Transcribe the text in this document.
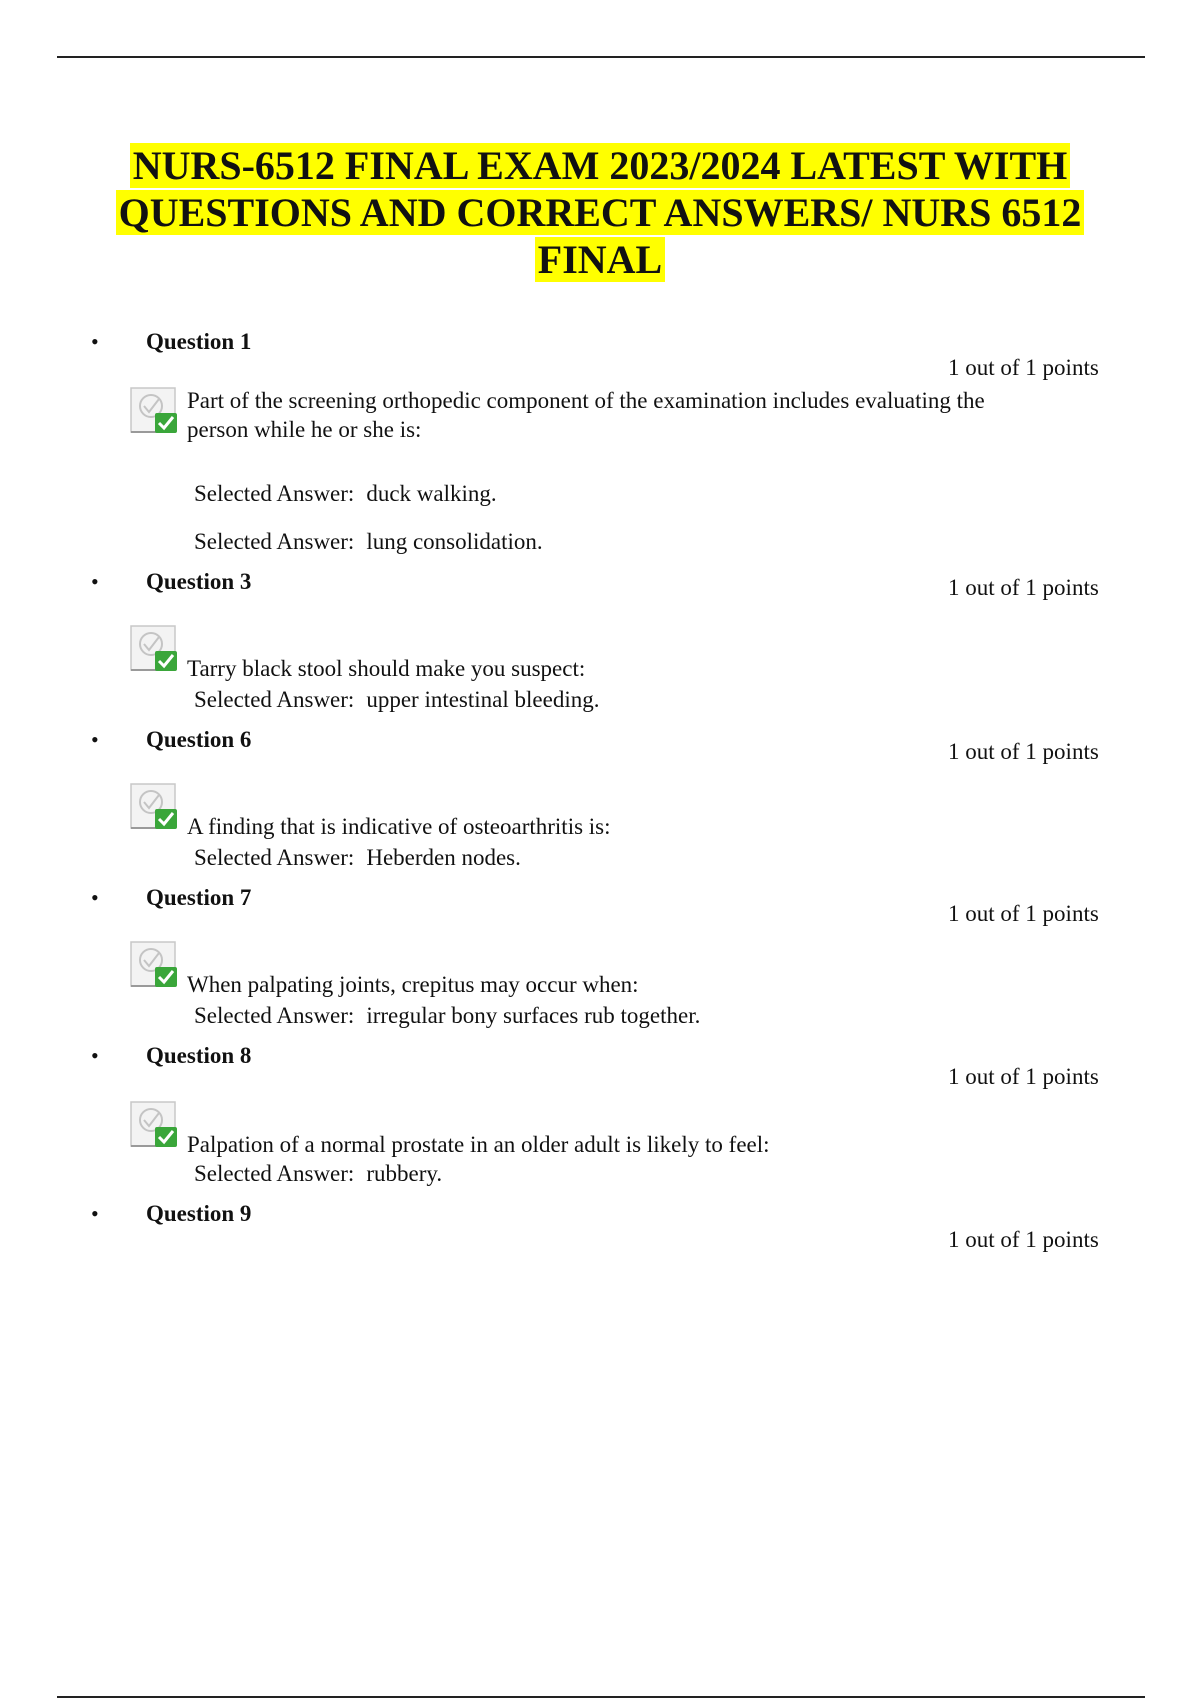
NURS-6512 FINAL EXAM 2023/2024 LATEST WITH
QUESTIONS AND CORRECT ANSWERS/ NURS 6512
FINAL
• Question 1
1 out of 1 points
Part of the screening orthopedic component of the examination includes evaluating the person while he or she is:
Selected Answer: duck walking.
Selected Answer: lung consolidation.
• Question 3	1 out of 1 points
Tarry black stool should make you suspect:
Selected Answer: upper intestinal bleeding.
• Question 6	1 out of 1 points
A finding that is indicative of osteoarthritis is:
Selected Answer: Heberden nodes.
• Question 7
1 out of 1 points
When palpating joints, crepitus may occur when:
Selected Answer: irregular bony surfaces rub together.
• Question 8
1 out of 1 points
Palpation of a normal prostate in an older adult is likely to feel:
Selected Answer: rubbery.
• Question 9
1 out of 1 points
